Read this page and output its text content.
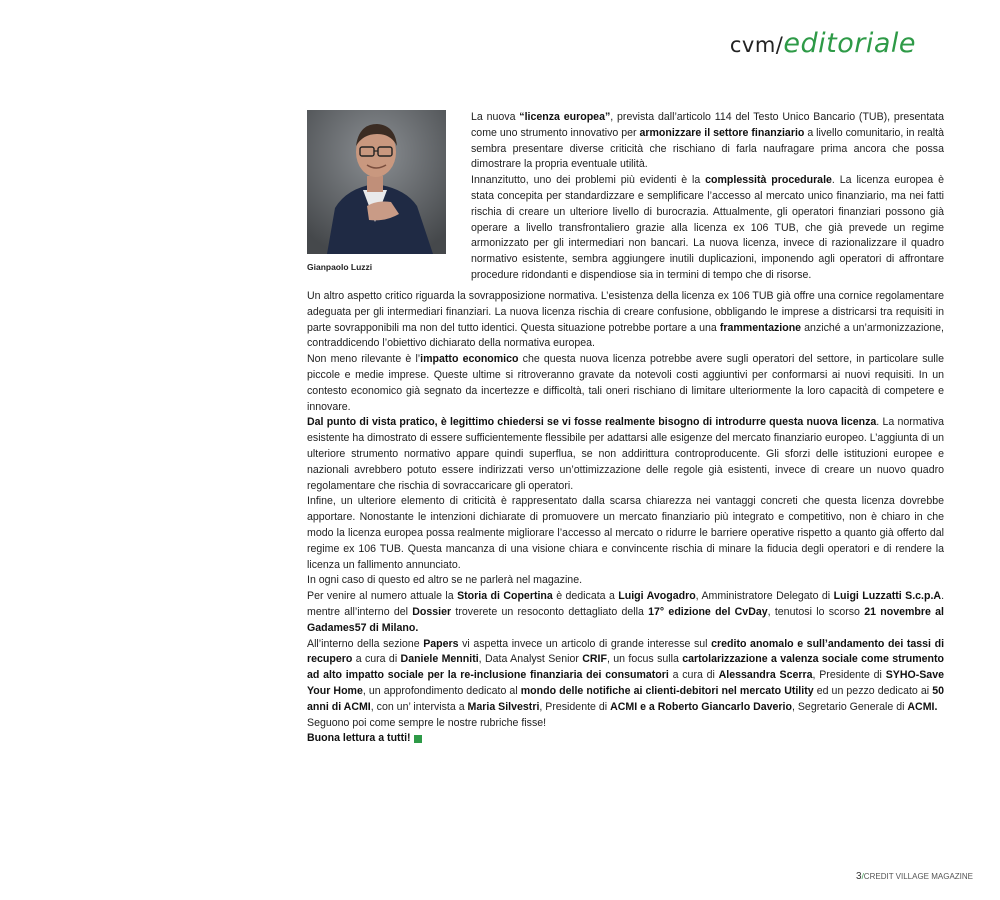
cvm/editoriale
Gianpaolo Luzzi

La nuova “licenza europea”, prevista dall’articolo 114 del Testo Unico Bancario (TUB), presentata come uno strumento innovativo per armonizzare il settore finanziario a livello comunitario, in realtà sembra presentare diverse criticità che rischiano di farla naufragare prima ancora che possa dimostrare la propria eventuale utilità.

Innanzitutto, uno dei problemi più evidenti è la complessità procedurale. La licenza europea è stata concepita per standardizzare e semplificare l’accesso al mercato unico finanziario, ma nei fatti rischia di creare un ulteriore livello di burocrazia. Attualmente, gli operatori finanziari possono già operare a livello transfrontaliero grazie alla licenza ex 106 TUB, che già prevede un regime armonizzato per gli intermediari non bancari. La nuova licenza, invece di razionalizzare il quadro normativo esistente, sembra aggiungere inutili duplicazioni, imponendo agli operatori di affrontare procedure ridondanti e dispendiose sia in termini di tempo che di risorse.

Un altro aspetto critico riguarda la sovrapposizione normativa. L’esistenza della licenza ex 106 TUB già offre una cornice regolamentare adeguata per gli intermediari finanziari. La nuova licenza rischia di creare confusione, obbligando le imprese a districarsi tra requisiti in parte sovrapponibili ma non del tutto identici. Questa situazione potrebbe portare a una frammentazione anziché a un’armonizzazione, contraddicendo l’obiettivo dichiarato della normativa europea.

Non meno rilevante è l’impatto economico che questa nuova licenza potrebbe avere sugli operatori del settore, in particolare sulle piccole e medie imprese. Queste ultime si ritroveranno gravate da notevoli costi aggiuntivi per conformarsi ai nuovi requisiti. In un contesto economico già segnato da incertezze e difficoltà, tali oneri rischiano di limitare ulteriormente la loro capacità di competere e innovare.

Dal punto di vista pratico, è legittimo chiedersi se vi fosse realmente bisogno di introdurre questa nuova licenza. La normativa esistente ha dimostrato di essere sufficientemente flessibile per adattarsi alle esigenze del mercato finanziario europeo. L’aggiunta di un ulteriore strumento normativo appare quindi superflua, se non addirittura controproducente. Gli sforzi delle istituzioni europee e nazionali avrebbero potuto essere indirizzati verso un’ottimizzazione delle regole già esistenti, invece di creare un nuovo quadro regolamentare che rischia di sovraccaricare gli operatori.

Infine, un ulteriore elemento di criticità è rappresentato dalla scarsa chiarezza nei vantaggi concreti che questa licenza dovrebbe apportare. Nonostante le intenzioni dichiarate di promuovere un mercato finanziario più integrato e competitivo, non è chiaro in che modo la licenza europea possa realmente migliorare l’accesso al mercato o ridurre le barriere operative rispetto a quanto già offerto dal regime ex 106 TUB. Questa mancanza di una visione chiara e convincente rischia di minare la fiducia degli operatori e di rendere la licenza un fallimento annunciato.

In ogni caso di questo ed altro se ne parlerà nel magazine.

Per venire al numero attuale la Storia di Copertina è dedicata a Luigi Avogadro, Amministratore Delegato di Luigi Luzzatti S.c.p.A. mentre all’interno del Dossier troverete un resoconto dettagliato della 17° edizione del CvDay, tenutosi lo scorso 21 novembre al Gadames57 di Milano.

All’interno della sezione Papers vi aspetta invece un articolo di grande interesse sul credito anomalo e sull’andamento dei tassi di recupero a cura di Daniele Menniti, Data Analyst Senior CRIF, un focus sulla cartolarizzazione a valenza sociale come strumento ad alto impatto sociale per la re-inclusione finanziaria dei consumatori a cura di Alessandra Scerra, Presidente di SYHO-Save Your Home, un approfondimento dedicato al mondo delle notifiche ai clienti-debitori nel mercato Utility ed un pezzo dedicato ai 50 anni di ACMI, con un’ intervista a Maria Silvestri, Presidente di ACMI e a Roberto Giancarlo Daverio, Segretario Generale di ACMI.

Seguono poi come sempre le nostre rubriche fisse!

Buona lettura a tutti!

3/CREDIT VILLAGE MAGAZINE
